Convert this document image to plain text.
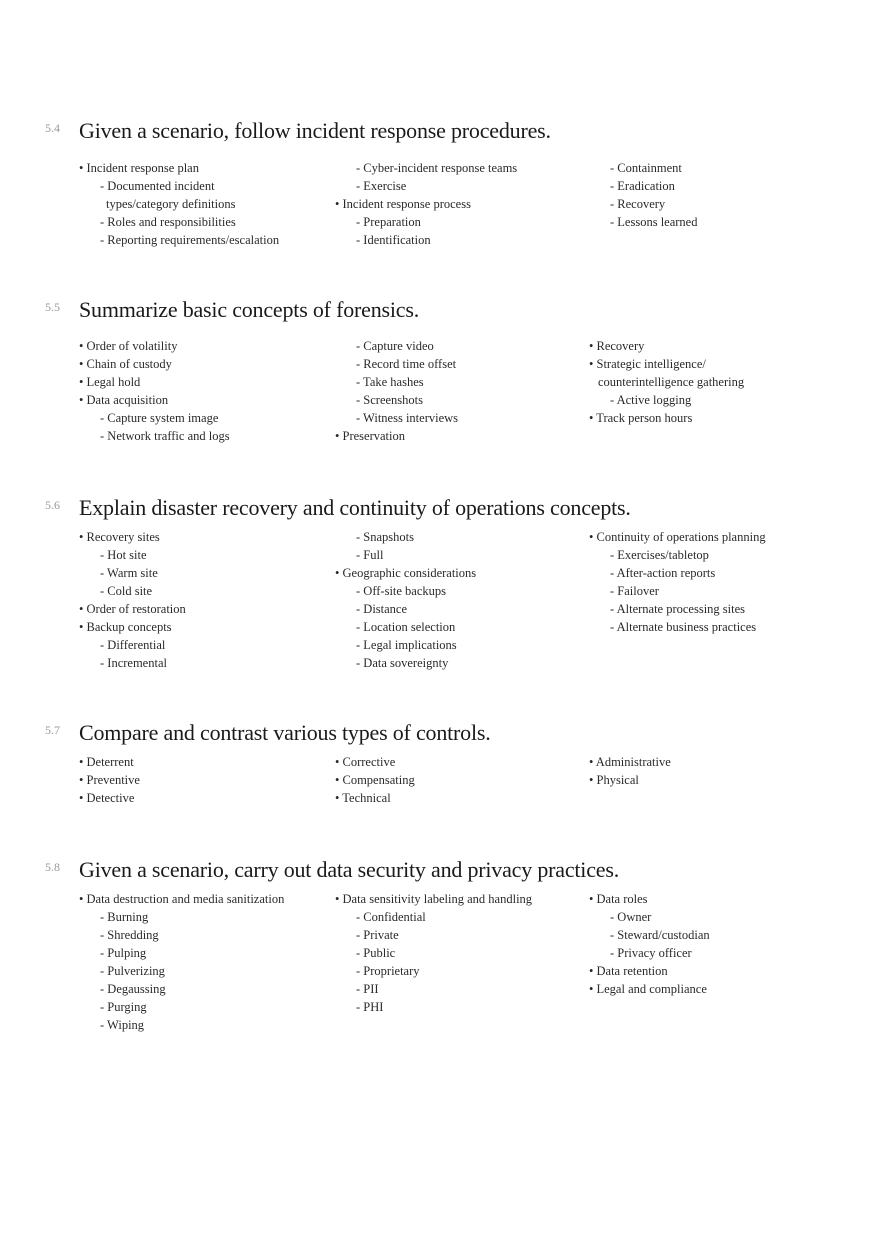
5.4 Given a scenario, follow incident response procedures.
• Incident response plan
- Documented incident
types/category definitions
- Roles and responsibilities
- Reporting requirements/escalation
- Cyber-incident response teams
- Exercise
• Incident response process
- Preparation
- Identification
- Containment
- Eradication
- Recovery
- Lessons learned
5.5 Summarize basic concepts of forensics.
• Order of volatility
• Chain of custody
• Legal hold
• Data acquisition
- Capture system image
- Network traffic and logs
- Capture video
- Record time offset
- Take hashes
- Screenshots
- Witness interviews
• Preservation
• Recovery
• Strategic intelligence/
counterintelligence gathering
- Active logging
• Track person hours
5.6 Explain disaster recovery and continuity of operations concepts.
• Recovery sites
- Hot site
- Warm site
- Cold site
• Order of restoration
• Backup concepts
- Differential
- Incremental
- Snapshots
- Full
• Geographic considerations
- Off-site backups
- Distance
- Location selection
- Legal implications
- Data sovereignty
• Continuity of operations planning
- Exercises/tabletop
- After-action reports
- Failover
- Alternate processing sites
- Alternate business practices
5.7 Compare and contrast various types of controls.
• Deterrent
• Preventive
• Detective
• Corrective
• Compensating
• Technical
• Administrative
• Physical
5.8 Given a scenario, carry out data security and privacy practices.
• Data destruction and media sanitization
- Burning
- Shredding
- Pulping
- Pulverizing
- Degaussing
- Purging
- Wiping
• Data sensitivity labeling and handling
- Confidential
- Private
- Public
- Proprietary
- PII
- PHI
• Data roles
- Owner
- Steward/custodian
- Privacy officer
• Data retention
• Legal and compliance
